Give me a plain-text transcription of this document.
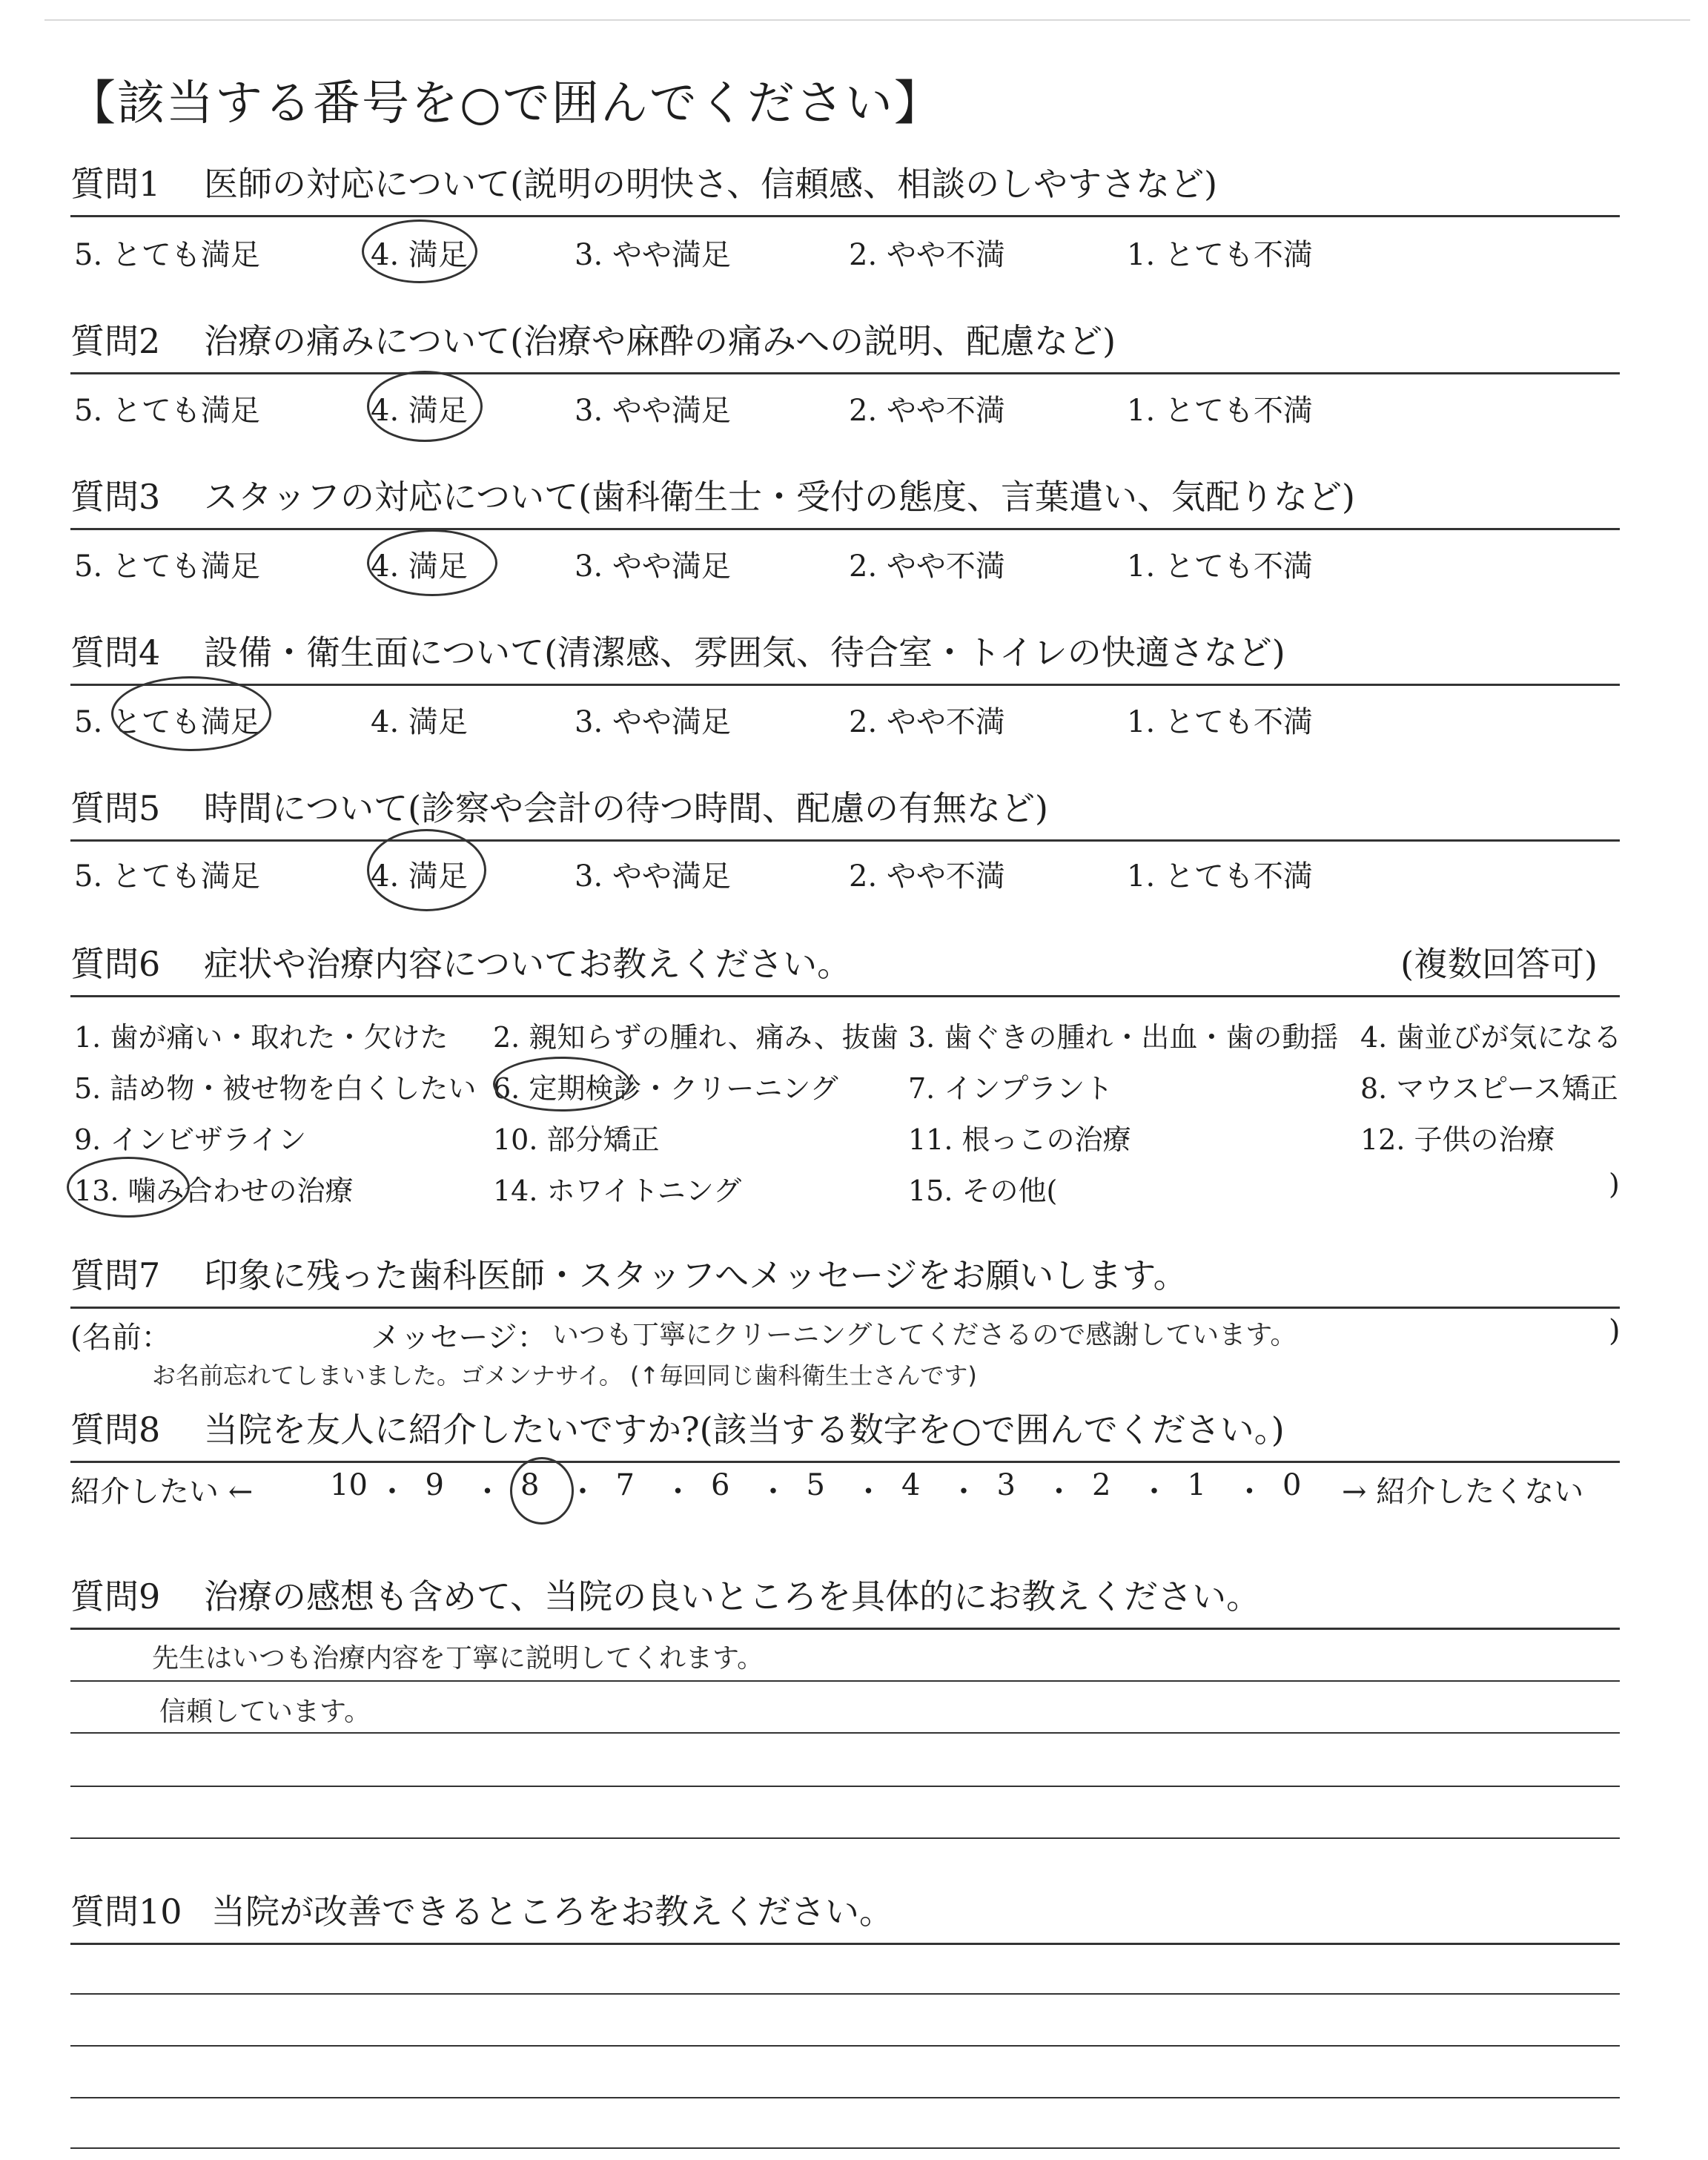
【該当する番号を○で囲んでください】
質問1 医師の対応について(説明の明快さ、信頼感、相談のしやすさなど)
5. とても満足	4. 満足	3. やや満足	2. やや不満	1. とても不満
質問2 治療の痛みについて(治療や麻酔の痛みへの説明、配慮など)
5. とても満足	4. 満足	3. やや満足	2. やや不満	1. とても不満
質問3 スタッフの対応について(歯科衛生士・受付の態度、言葉遣い、気配りなど)
5. とても満足	4. 満足	3. やや満足	2. やや不満	1. とても不満
質問4 設備・衛生面について(清潔感、雰囲気、待合室・トイレの快適さなど)
5. とても満足	4. 満足	3. やや満足	2. やや不満	1. とても不満
質問5 時間について(診察や会計の待つ時間、配慮の有無など)
5. とても満足	4. 満足	3. やや満足	2. やや不満	1. とても不満
質問6 症状や治療内容についてお教えください。	(複数回答可)
1. 歯が痛い・取れた・欠けた 2. 親知らずの腫れ、痛み、抜歯 3. 歯ぐきの腫れ・出血・歯の動揺 4. 歯並びが気になる
5. 詰め物・被せ物を白くしたい 6. 定期検診・クリーニング 7. インプラント	8. マウスピース矯正
9. インビザライン	10. 部分矯正	11. 根っこの治療	12. 子供の治療
13. 噛み合わせの治療	14. ホワイトニング	15. その他(	)
質問7 印象に残った歯科医師・スタッフへメッセージをお願いします。
(名前：	メッセージ： いつも丁寧にクリーニングしてくださるので感謝しています。	)
お名前忘れてしまいました。ゴメンナサイ。 (↑毎回同じ歯科衛生士さんです)
質問8 当院を友人に紹介したいですか?(該当する数字を○で囲んでください。)
紹介したい ←	10 ・ 9 ・ 8 ・ 7 ・ 6 ・ 5 ・ 4 ・ 3 ・ 2 ・ 1 ・ 0 → 紹介したくない
質問9 治療の感想も含めて、当院の良いところを具体的にお教えください。
先生はいつも治療内容を丁寧に説明してくれます。
信頼しています。
質問10 当院が改善できるところをお教えください。
